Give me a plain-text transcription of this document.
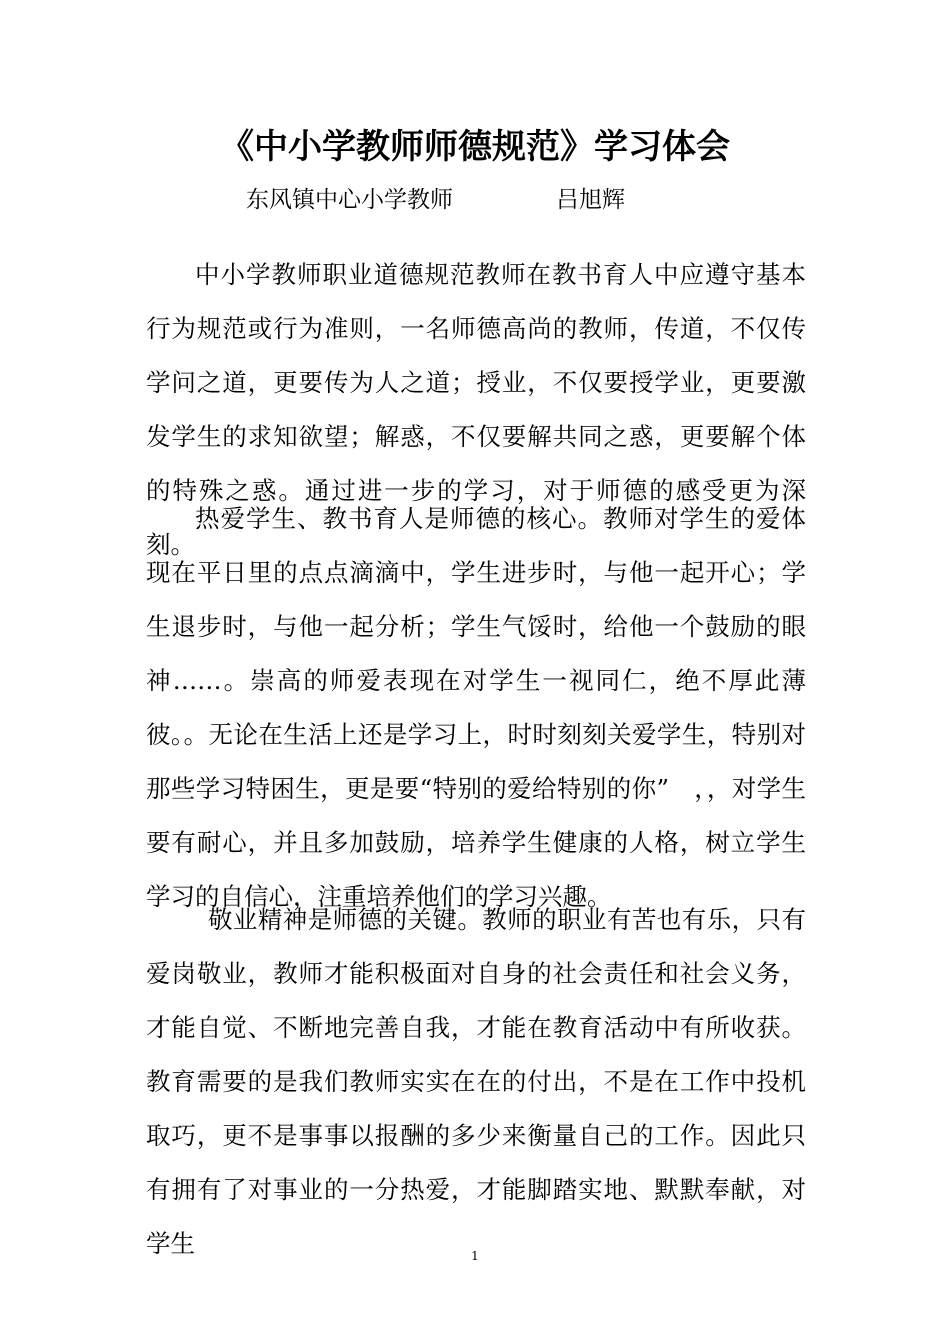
《中小学教师师德规范》学习体会
东风镇中心小学教师	吕旭辉

中小学教师职业道德规范教师在教书育人中应遵守基本行为规范或行为准则，一名师德高尚的教师，传道，不仅传学问之道，更要传为人之道；授业，不仅要授学业，更要激发学生的求知欲望；解惑，不仅要解共同之惑，更要解个体的特殊之惑。通过进一步的学习，对于师德的感受更为深刻。

热爱学生、教书育人是师德的核心。教师对学生的爱体现在平日里的点点滴滴中，学生进步时，与他一起开心；学生退步时，与他一起分析；学生气馁时，给他一个鼓励的眼神……。崇高的师爱表现在对学生一视同仁，绝不厚此薄彼。。无论在生活上还是学习上，时时刻刻关爱学生，特别对那些学习特困生，更是要“特别的爱给特别的你”　，，对学生要有耐心，并且多加鼓励，培养学生健康的人格，树立学生学习的自信心，注重培养他们的学习兴趣。

敬业精神是师德的关键。教师的职业有苦也有乐，只有爱岗敬业，教师才能积极面对自身的社会责任和社会义务，才能自觉、不断地完善自我，才能在教育活动中有所收获。教育需要的是我们教师实实在在的付出，不是在工作中投机取巧，更不是事事以报酬的多少来衡量自己的工作。因此只有拥有了对事业的一分热爱，才能脚踏实地、默默奉献，对学生	1
